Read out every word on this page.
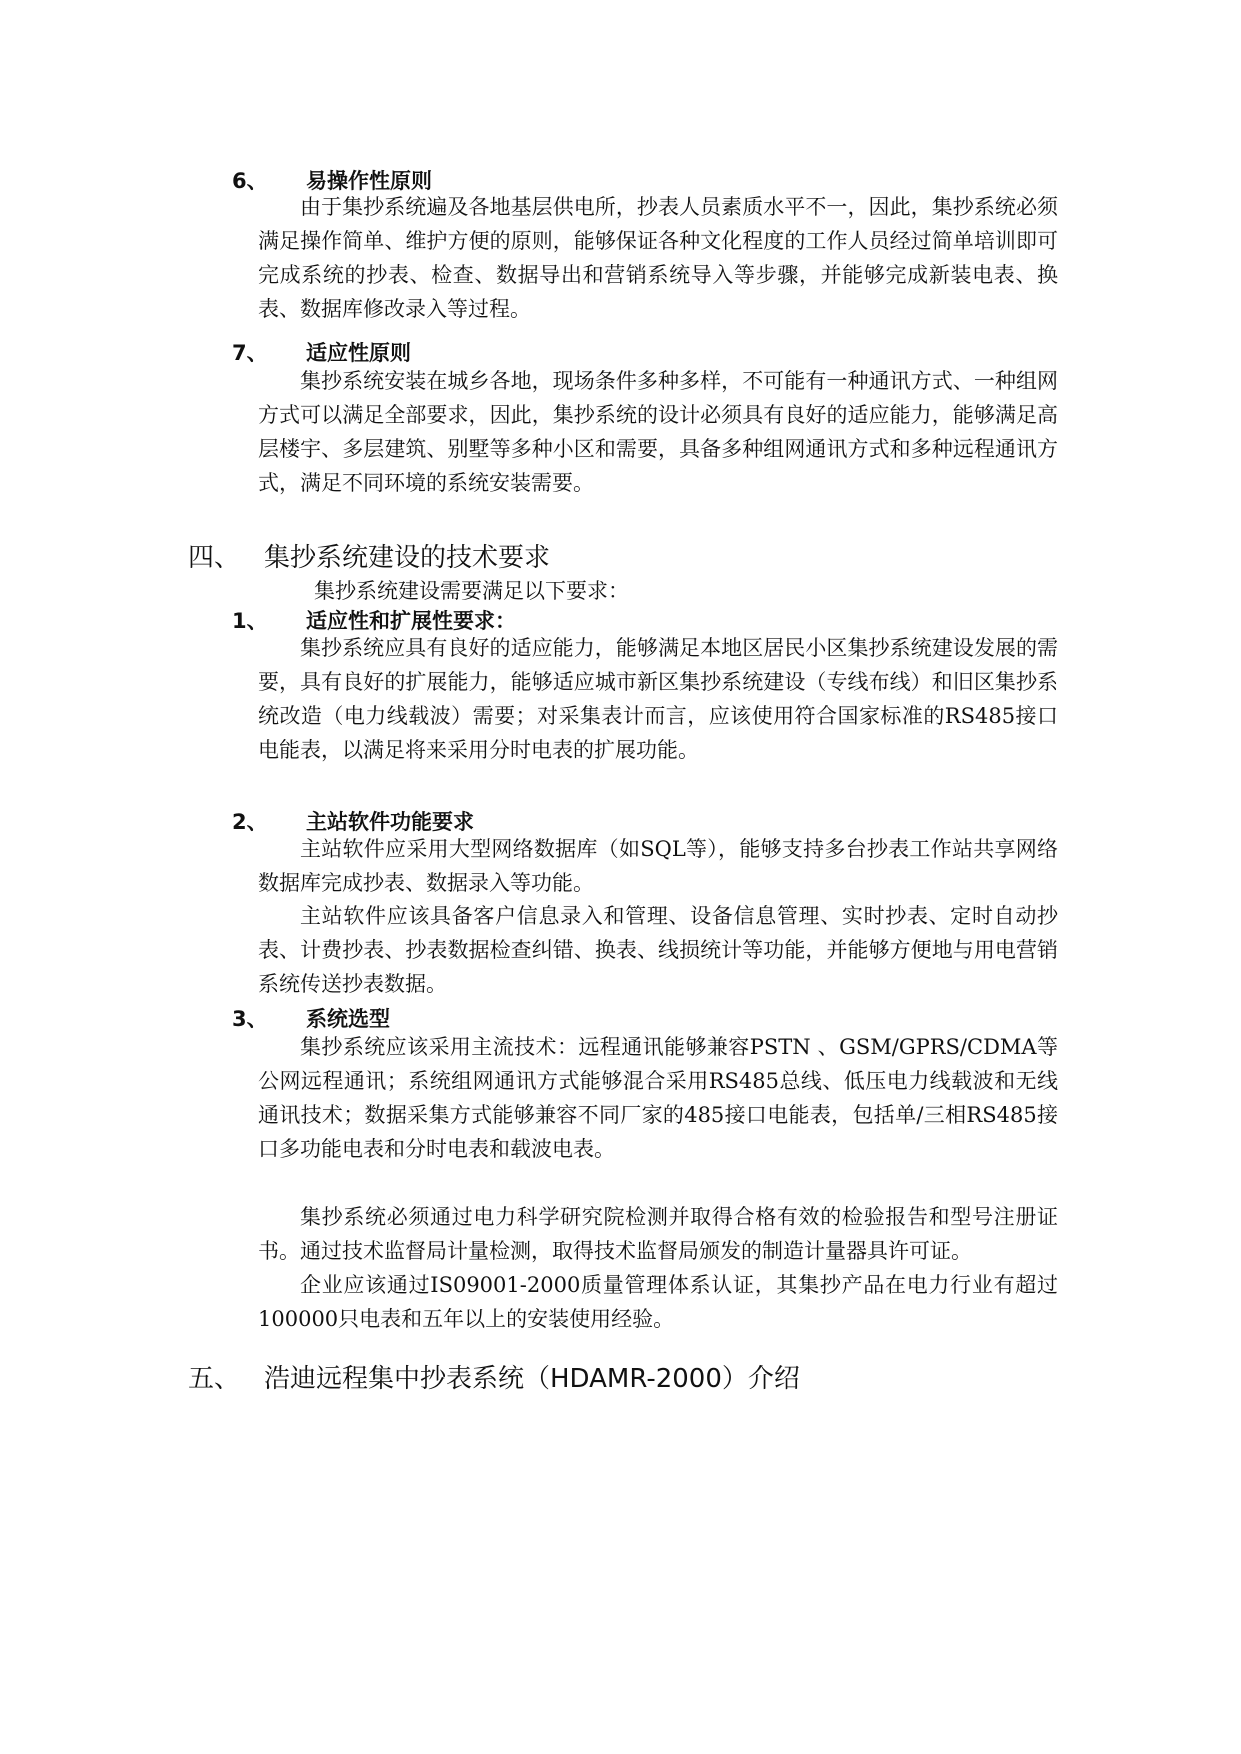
6、 易操作性原则

由于集抄系统遍及各地基层供电所，抄表人员素质水平不一，因此，集抄系统必须满足操作简单、维护方便的原则，能够保证各种文化程度的工作人员经过简单培训即可完成系统的抄表、检查、数据导出和营销系统导入等步骤，并能够完成新装电表、换表、数据库修改录入等过程。

7、 适应性原则

集抄系统安装在城乡各地，现场条件多种多样，不可能有一种通讯方式、一种组网方式可以满足全部要求，因此，集抄系统的设计必须具有良好的适应能力，能够满足高层楼宇、多层建筑、别墅等多种小区和需要，具备多种组网通讯方式和多种远程通讯方式，满足不同环境的系统安装需要。

四、 集抄系统建设的技术要求

集抄系统建设需要满足以下要求：

1、 适应性和扩展性要求：

集抄系统应具有良好的适应能力，能够满足本地区居民小区集抄系统建设发展的需要，具有良好的扩展能力，能够适应城市新区集抄系统建设（专线布线）和旧区集抄系统改造（电力线载波）需要；对采集表计而言，应该使用符合国家标准的RS485接口电能表，以满足将来采用分时电表的扩展功能。

2、 主站软件功能要求

主站软件应采用大型网络数据库（如SQL等），能够支持多台抄表工作站共享网络数据库完成抄表、数据录入等功能。

主站软件应该具备客户信息录入和管理、设备信息管理、实时抄表、定时自动抄表、计费抄表、抄表数据检查纠错、换表、线损统计等功能，并能够方便地与用电营销系统传送抄表数据。

3、 系统选型

集抄系统应该采用主流技术：远程通讯能够兼容PSTN 、GSM/GPRS/CDMA等公网远程通讯；系统组网通讯方式能够混合采用RS485总线、低压电力线载波和无线通讯技术；数据采集方式能够兼容不同厂家的485接口电能表，包括单/三相RS485接口多功能电表和分时电表和载波电表。

集抄系统必须通过电力科学研究院检测并取得合格有效的检验报告和型号注册证书。通过技术监督局计量检测，取得技术监督局颁发的制造计量器具许可证。

企业应该通过IS09001-2000质量管理体系认证，其集抄产品在电力行业有超过100000只电表和五年以上的安装使用经验。

五、 浩迪远程集中抄表系统（HDAMR-2000）介绍
